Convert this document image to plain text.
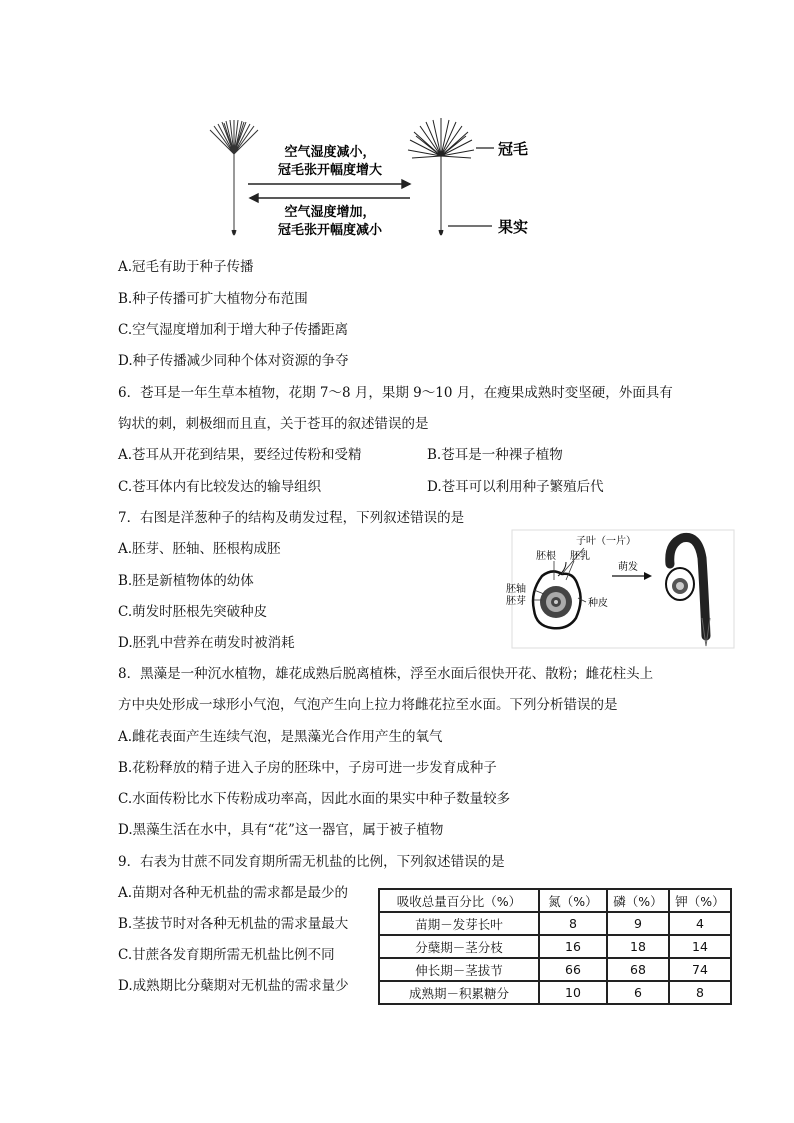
空气湿度减小，
冠毛张开幅度增大
空气湿度增加，
冠毛张开幅度减小
冠毛
果实
A.冠毛有助于种子传播
B.种子传播可扩大植物分布范围
C.空气湿度增加利于增大种子传播距离
D.种子传播减少同种个体对资源的争夺
6．苍耳是一年生草本植物，花期 7～8 月，果期 9～10 月，在瘦果成熟时变坚硬，外面具有
钩状的刺，刺极细而且直，关于苍耳的叙述错误的是
A.苍耳从开花到结果，要经过传粉和受精	B.苍耳是一种裸子植物
C.苍耳体内有比较发达的输导组织	D.苍耳可以利用种子繁殖后代
7．右图是洋葱种子的结构及萌发过程，下列叙述错误的是
A.胚芽、胚轴、胚根构成胚
B.胚是新植物体的幼体
C.萌发时胚根先突破种皮
D.胚乳中营养在萌发时被消耗
子叶（一片）
胚根 胚乳
胚轴
胚芽	种皮
萌发
8．黑藻是一种沉水植物，雄花成熟后脱离植株，浮至水面后很快开花、散粉；雌花柱头上
方中央处形成一球形小气泡，气泡产生向上拉力将雌花拉至水面。下列分析错误的是
A.雌花表面产生连续气泡，是黑藻光合作用产生的氧气
B.花粉释放的精子进入子房的胚珠中，子房可进一步发育成种子
C.水面传粉比水下传粉成功率高，因此水面的果实中种子数量较多
D.黑藻生活在水中，具有“花”这一器官，属于被子植物
9．右表为甘蔗不同发育期所需无机盐的比例，下列叙述错误的是
A.苗期对各种无机盐的需求都是最少的
B.茎拔节时对各种无机盐的需求量最大
C.甘蔗各发育期所需无机盐比例不同
D.成熟期比分蘖期对无机盐的需求量少
吸收总量百分比（%）	氮（%）	磷（%）	钾（%）
苗期－发芽长叶	8	9	4
分蘖期－茎分枝	16	18	14
伸长期－茎拔节	66	68	74
成熟期－积累糖分	10	6	8
